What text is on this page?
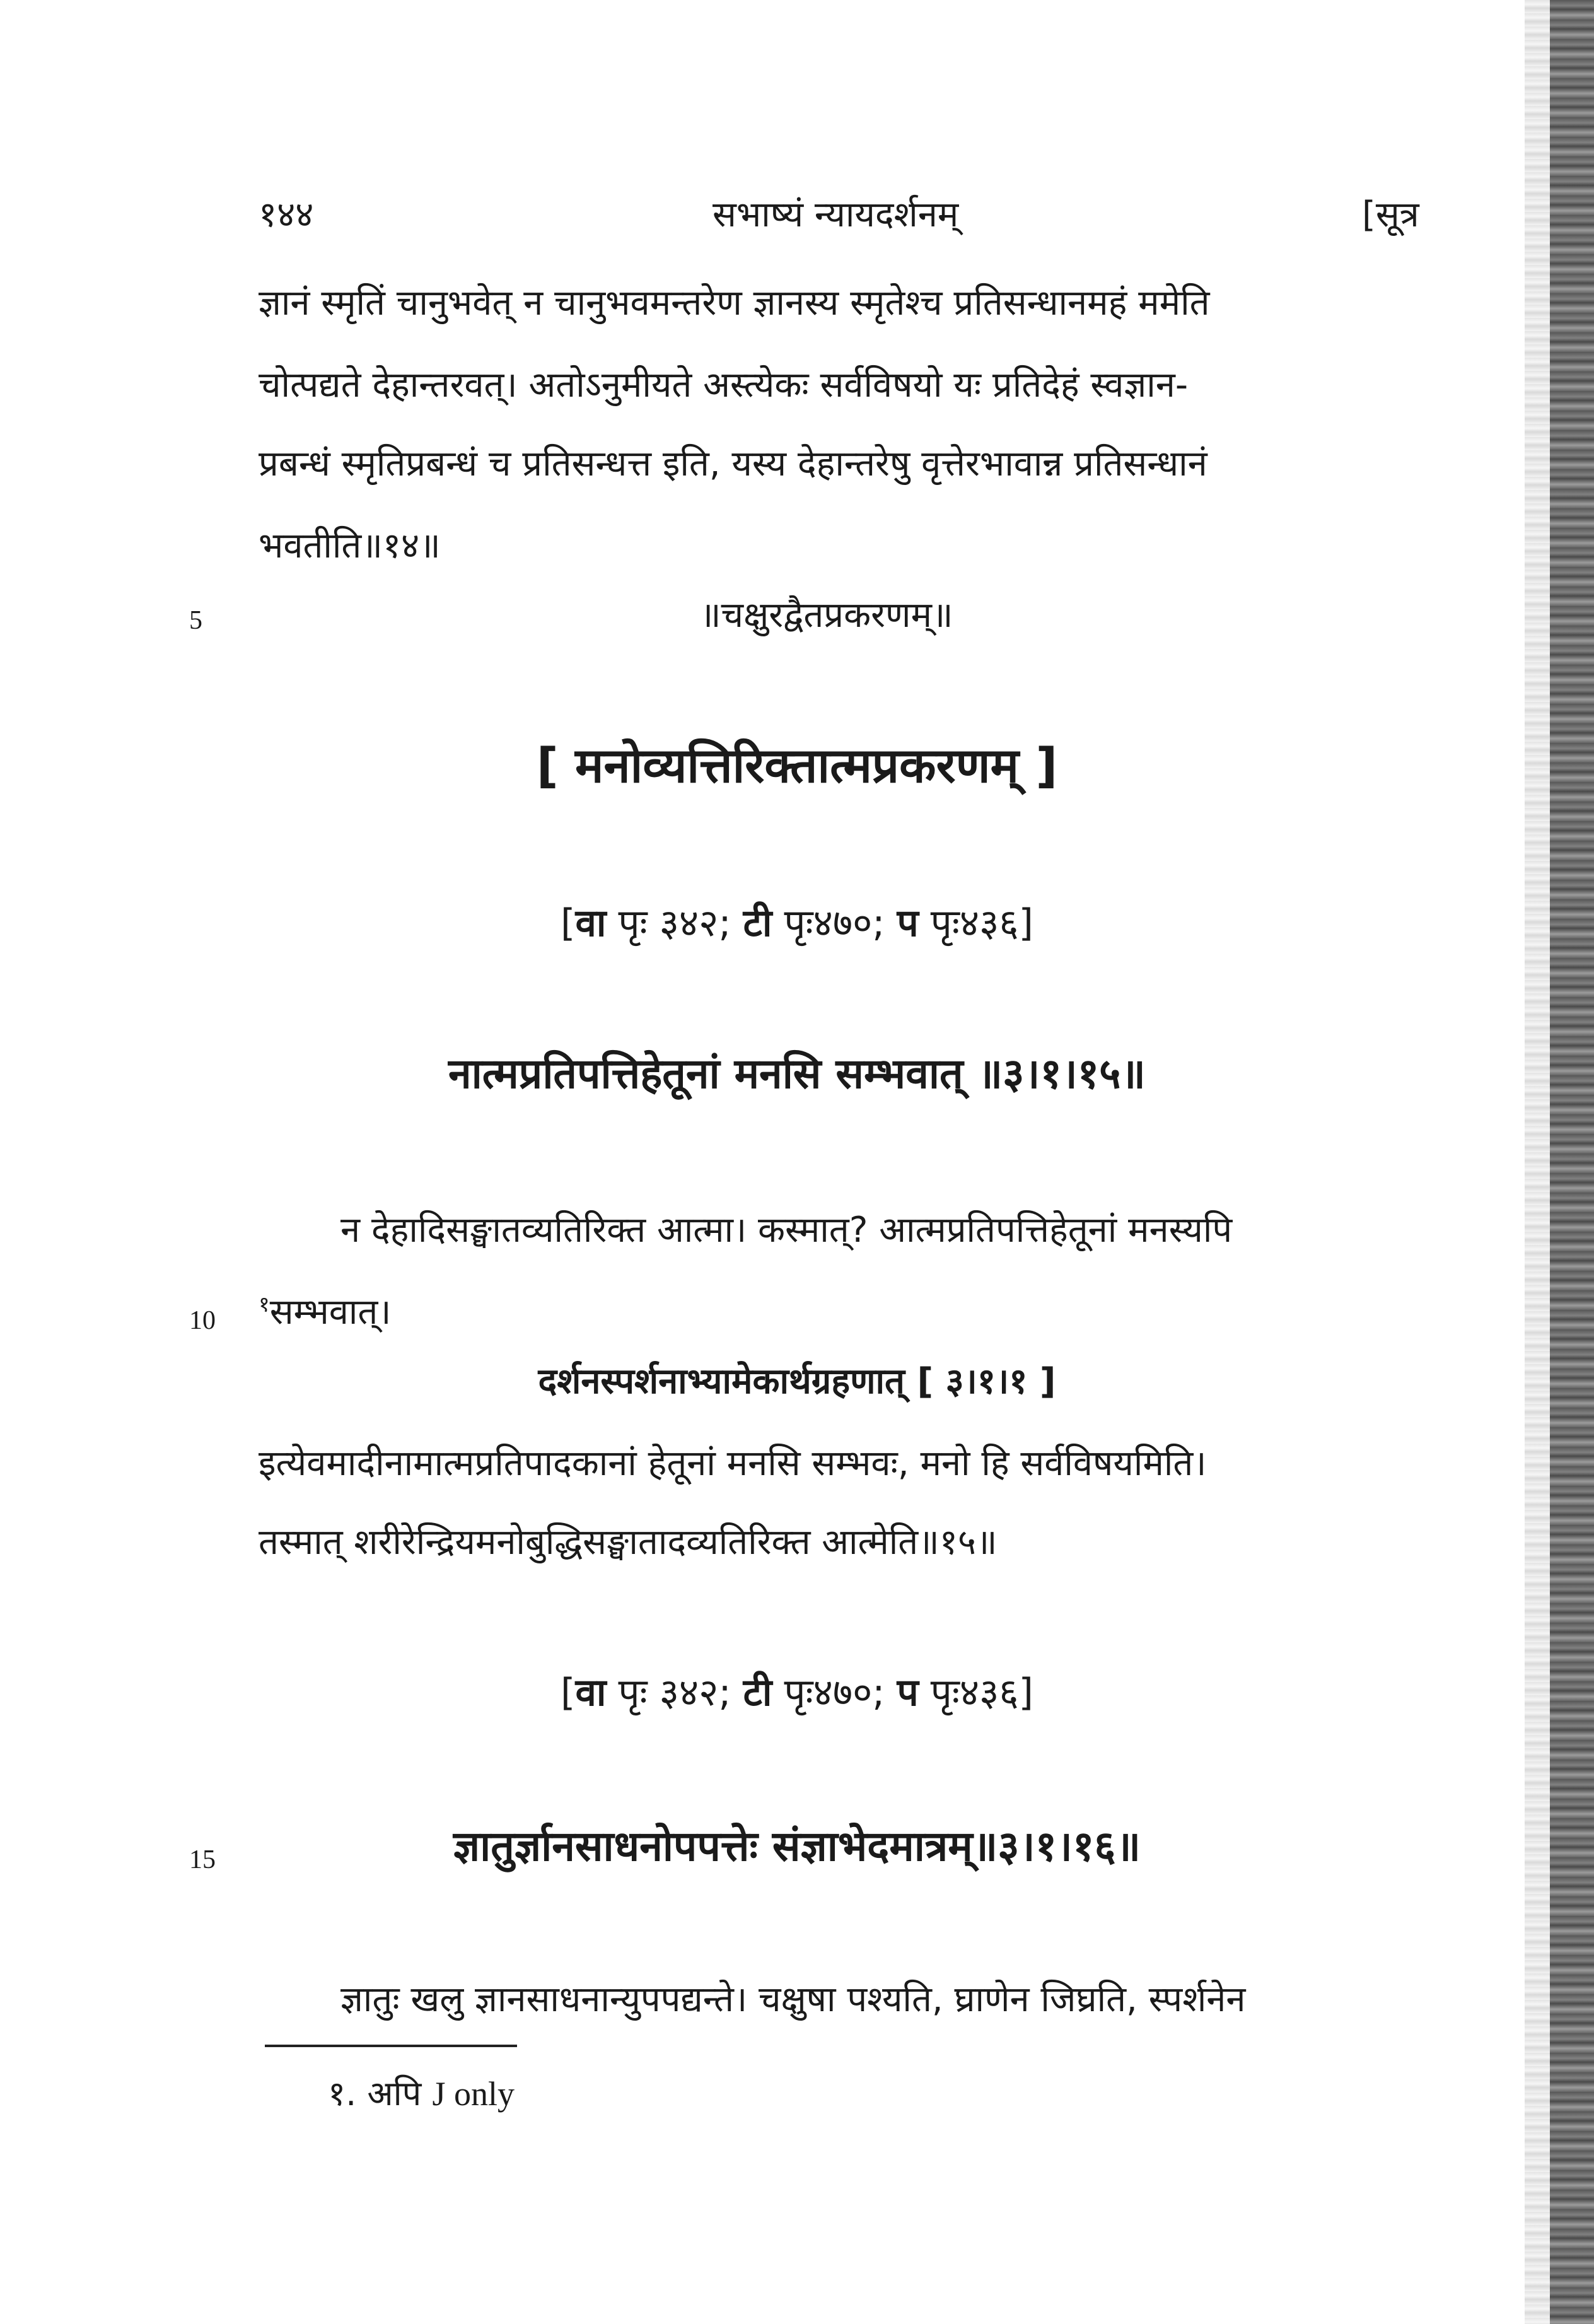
१४४	सभाष्यं न्यायदर्शनम्	[सूत्र
ज्ञानं स्मृतिं चानुभवेत् न चानुभवमन्तरेण ज्ञानस्य स्मृतेश्च प्रतिसन्धानमहं ममेति
चोत्पद्यते देहान्तरवत्। अतोऽनुमीयते अस्त्येकः सर्वविषयो यः प्रतिदेहं स्वज्ञान-
प्रबन्धं स्मृतिप्रबन्धं च प्रतिसन्धत्त इति, यस्य देहान्तरेषु वृत्तेरभावान्न प्रतिसन्धानं
भवतीति॥१४॥
5	॥चक्षुरद्वैतप्रकरणम्॥
[ मनोव्यत्तिरिक्तात्मप्रकरणम् ]
[वा पृः ३४२; टी पृः४७०; प पृः४३६]
नात्मप्रतिपत्तिहेतूनां मनसि सम्भवात् ॥३।१।१५॥
न देहादिसङ्घातव्यतिरिक्त आत्मा। कस्मात्? आत्मप्रतिपत्तिहेतूनां मनस्यपि
10
$^१$सम्भवात्।
दर्शनस्पर्शनाभ्यामेकार्थग्रहणात् [ ३।१।१ ]
इत्येवमादीनामात्मप्रतिपादकानां हेतूनां मनसि सम्भवः, मनो हि सर्वविषयमिति।
तस्मात् शरीरेन्द्रियमनोबुद्धिसङ्घातादव्यतिरिक्त आत्मेति॥१५॥
[वा पृः ३४२; टी पृः४७०; प पृः४३६]
15	ज्ञातुर्ज्ञानसाधनोपपत्तेः संज्ञाभेदमात्रम्॥३।१।१६॥
ज्ञातुः खलु ज्ञानसाधनान्युपपद्यन्ते। चक्षुषा पश्यति, घ्राणेन जिघ्रति, स्पर्शनेन
१. अपि J only
